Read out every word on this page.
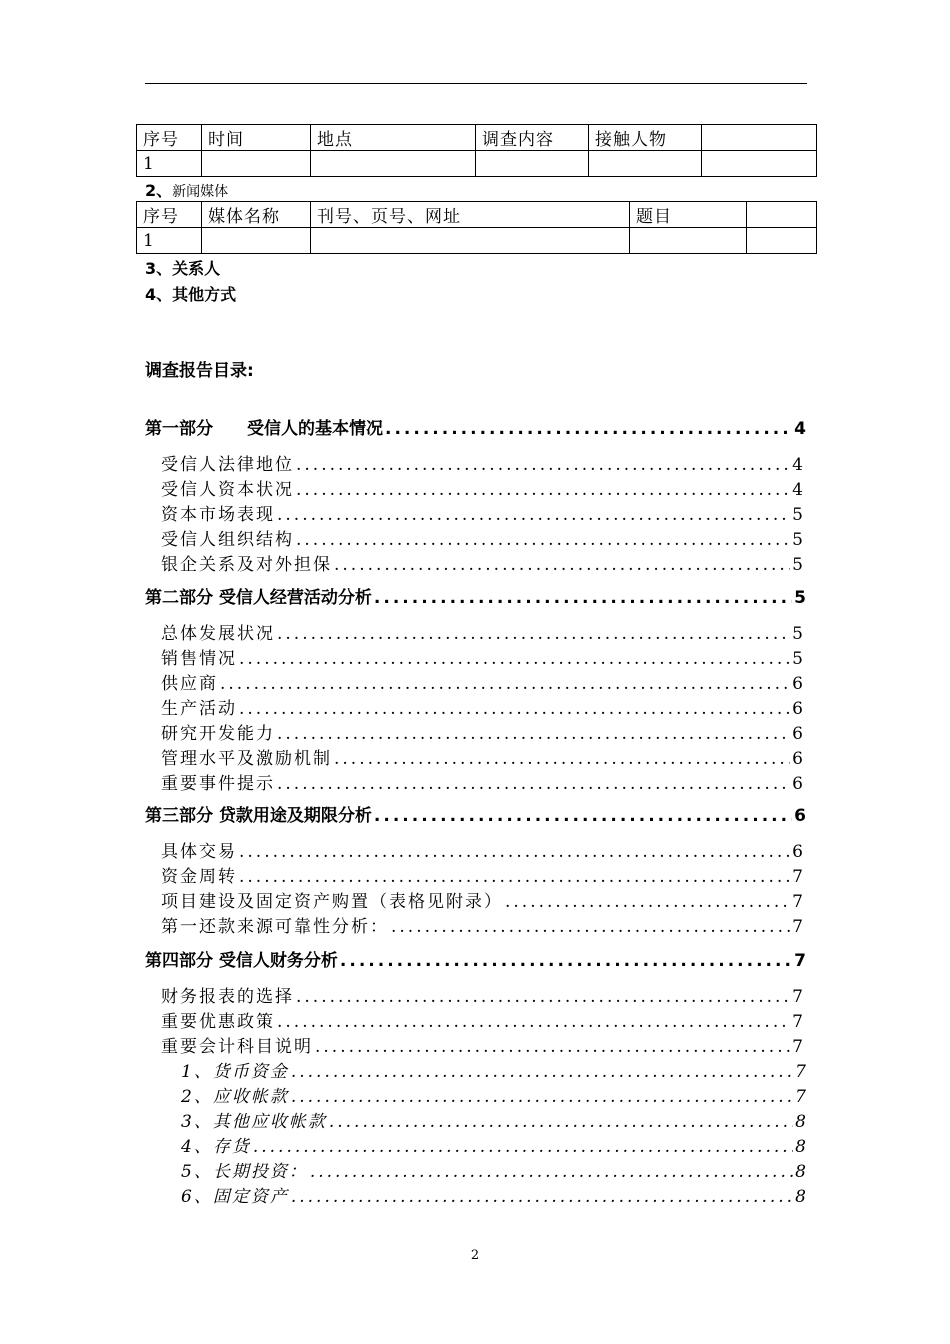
序号	时间	地点	调查内容	接触人物	
1					
2、新闻媒体
序号	媒体名称	刊号、页号、网址	题目	
1				
3、关系人
4、其他方式
调查报告目录:
第一部分　　受信人的基本情况 .....	4
受信人法律地位 .....	4
受信人资本状况 .....	4
资本市场表现 .....	5
受信人组织结构 .....	5
银企关系及对外担保 .....	5
第二部分 受信人经营活动分析 .....	5
总体发展状况 .....	5
销售情况 .....	5
供应商 .....	6
生产活动 .....	6
研究开发能力 .....	6
管理水平及激励机制 .....	6
重要事件提示 .....	6
第三部分 贷款用途及期限分析 .....	6
具体交易 .....	6
资金周转 .....	7
项目建设及固定资产购置（表格见附录） .....	7
第一还款来源可靠性分析： .....	7
第四部分 受信人财务分析 .....	7
财务报表的选择 .....	7
重要优惠政策 .....	7
重要会计科目说明 .....	7
1、货币资金 .....	7
2、应收帐款 .....	7
3、其他应收帐款 .....	8
4、存货 .....	8
5、长期投资： .....	8
6、固定资产 .....	8
2
